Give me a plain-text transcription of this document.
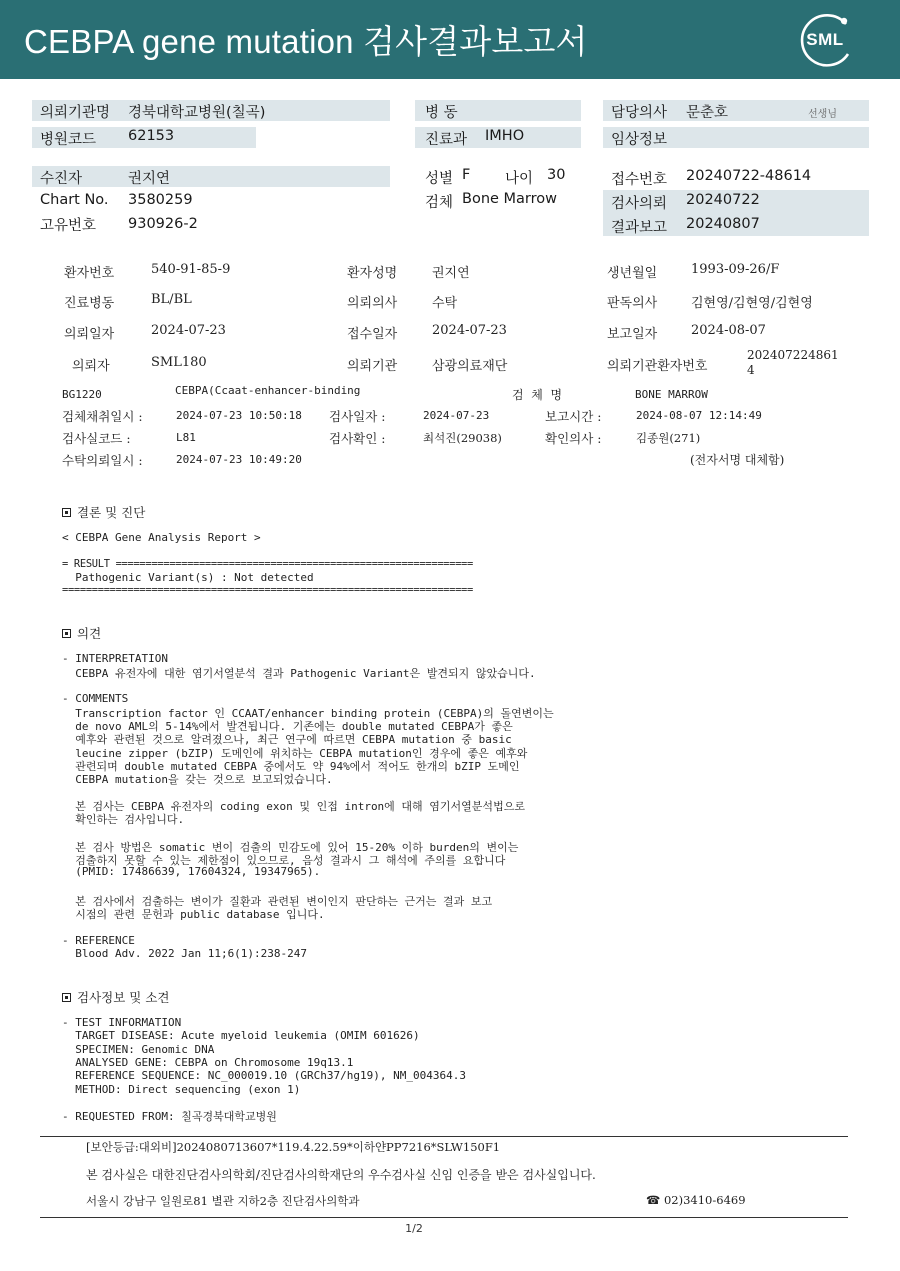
CEBPA gene mutation 검사결과보고서	SML
의뢰기관명 경북대학교병원(칠곡)
병원코드 62153
병 동
진료과 IMHO
담당의사 문춘호	선생님
임상정보
수진자	권지연
Chart No. 3580259
고유번호 930926-2
성별 F 나이 30
검체 Bone Marrow
접수번호 20240722-48614
검사의뢰 20240722
결과보고 20240807
환자번호	540-91-85-9	환자성명	권지연	생년월일	1993-09-26/F
진료병동	BL/BL	의뢰의사	수탁	판독의사	김현영/김현영/김현영
의뢰일자	2024-07-23	접수일자	2024-07-23	보고일자	2024-08-07
의뢰자	SML180	의뢰기관	삼광의료재단	의뢰기관환자번호
202407224861
4
BG1220	CEBPA(Ccaat-enhancer-binding	검  체  명	BONE MARROW
검체채취일시 :	2024-07-23 10:50:18 검사일자 :	2024-07-23	보고시간 :	2024-08-07 12:14:49
검사실코드 :	L81	검사확인 :	최석진(29038)	확인의사 :	김종원(271)
수탁의뢰일시 :	2024-07-23 10:49:20	(전자서명 대체함)
결론 및 진단
< CEBPA Gene Analysis Report >
= RESULT ============================================================
Pathogenic Variant(s) : Not detected
=====================================================================
의견
- INTERPRETATION
CEBPA 유전자에 대한 염기서열분석 결과 Pathogenic Variant은 발견되지 않았습니다.
- COMMENTS
Transcription factor 인 CCAAT/enhancer binding protein (CEBPA)의 돌연변이는
de novo AML의 5-14%에서 발견됩니다. 기존에는 double mutated CEBPA가 좋은
예후와 관련된 것으로 알려졌으나, 최근 연구에 따르면 CEBPA mutation 중 basic
leucine zipper (bZIP) 도메인에 위치하는 CEBPA mutation인 경우에 좋은 예후와
관련되며 double mutated CEBPA 중에서도 약 94%에서 적어도 한개의 bZIP 도메인
CEBPA mutation을 갖는 것으로 보고되었습니다.
본 검사는 CEBPA 유전자의 coding exon 및 인접 intron에 대해 염기서열분석법으로
확인하는 검사입니다.
본 검사 방법은 somatic 변이 검출의 민감도에 있어 15-20% 이하 burden의 변이는
검출하지 못할 수 있는 제한점이 있으므로, 음성 결과시 그 해석에 주의를 요합니다
(PMID: 17486639, 17604324, 19347965).
본 검사에서 검출하는 변이가 질환과 관련된 변이인지 판단하는 근거는 결과 보고
시점의 관련 문헌과 public database 입니다.
- REFERENCE
Blood Adv. 2022 Jan 11;6(1):238-247
검사정보 및 소견
- TEST INFORMATION
TARGET DISEASE: Acute myeloid leukemia (OMIM 601626)
SPECIMEN: Genomic DNA
ANALYSED GENE: CEBPA on Chromosome 19q13.1
REFERENCE SEQUENCE: NC_000019.10 (GRCh37/hg19), NM_004364.3
METHOD: Direct sequencing (exon 1)
- REQUESTED FROM: 칠곡경북대학교병원
[보안등급:대외비]2024080713607*119.4.22.59*이하얀PP7216*SLW150F1
본 검사실은 대한진단검사의학회/진단검사의학재단의 우수검사실 신임 인증을 받은 검사실입니다.
서울시 강남구 일원로81 별관 지하2층 진단검사의학과	☎ 02)3410-6469
1/2
